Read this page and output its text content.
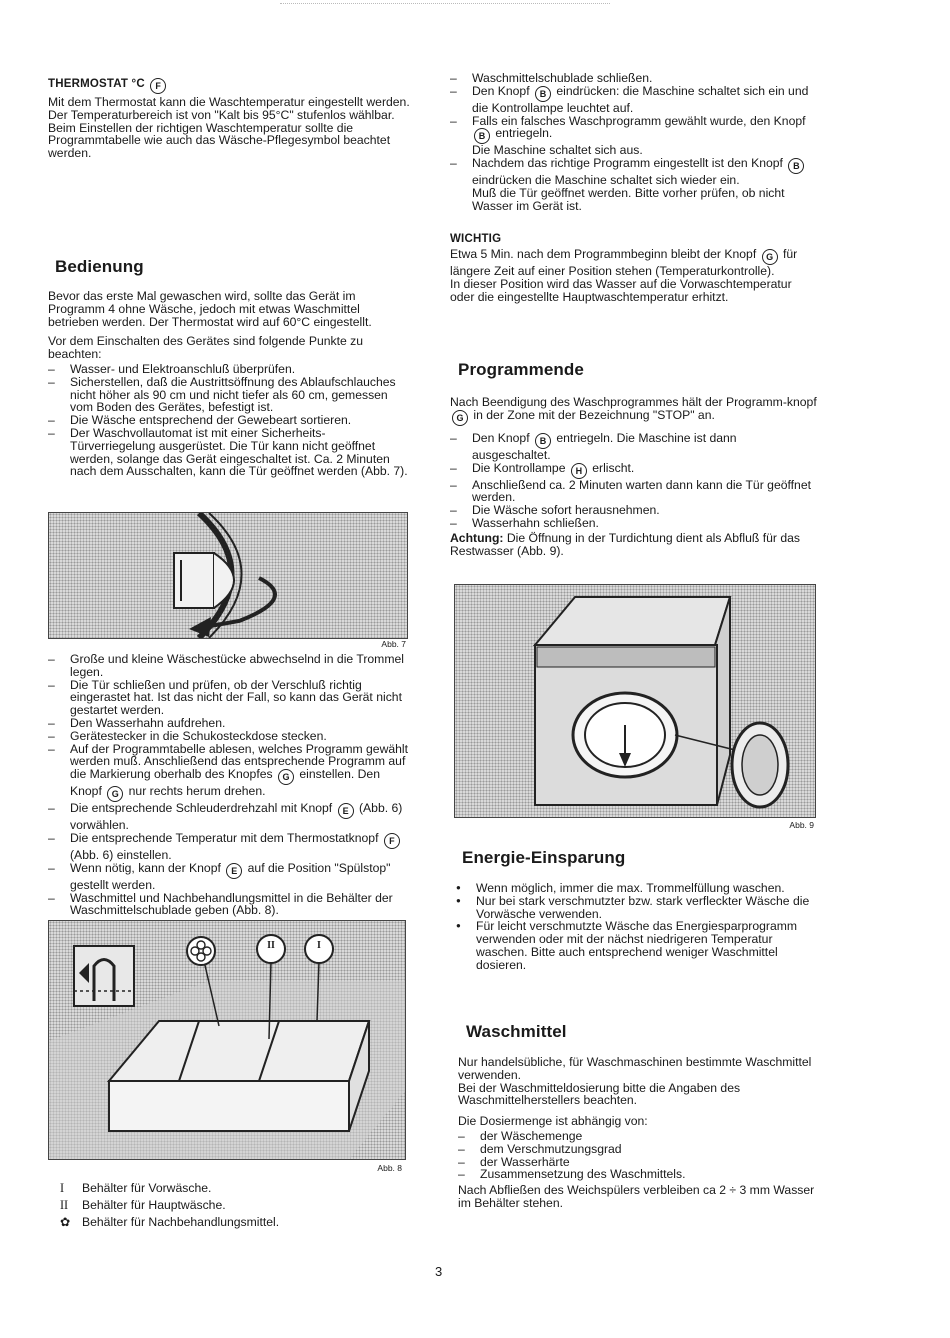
THERMOSTAT °C F

Mit dem Thermostat kann die Waschtemperatur eingestellt werden. Der Temperaturbereich ist von "Kalt bis 95°C" stufenlos wählbar.

Beim Einstellen der richtigen Waschtemperatur sollte die Programmtabelle wie auch das Wäsche-Pflegesymbol beachtet werden.

Bedienung

Bevor das erste Mal gewaschen wird, sollte das Gerät im Programm 4 ohne Wäsche, jedoch mit etwas Waschmittel betrieben werden. Der Thermostat wird auf 60°C eingestellt.

Vor dem Einschalten des Gerätes sind folgende Punkte zu beachten:

– Wasser- und Elektroanschluß überprüfen.
– Sicherstellen, daß die Austrittsöffnung des Ablaufschlauches nicht höher als 90 cm und nicht tiefer als 60 cm, gemessen vom Boden des Gerätes, befestigt ist.
– Die Wäsche entsprechend der Gewebeart sortieren.
– Der Waschvollautomat ist mit einer Sicherheits-Türverriegelung ausgerüstet. Die Tür kann nicht geöffnet werden, solange das Gerät eingeschaltet ist. Ca. 2 Minuten nach dem Ausschalten, kann die Tür geöffnet werden (Abb. 7).
Abb. 7
– Große und kleine Wäschestücke abwechselnd in die Trommel legen.
– Die Tür schließen und prüfen, ob der Verschluß richtig eingerastet hat. Ist das nicht der Fall, so kann das Gerät nicht gestartet werden.
– Den Wasserhahn aufdrehen.
– Gerätestecker in die Schukosteckdose stecken.
– Auf der Programmtabelle ablesen, welches Programm gewählt werden muß. Anschließend das entsprechende Programm auf die Markierung oberhalb des Knopfes G einstellen. Den Knopf G nur rechts herum drehen.
– Die entsprechende Schleuderdrehzahl mit Knopf E (Abb. 6) vorwählen.
– Die entsprechende Temperatur mit dem Thermostatknopf F (Abb. 6) einstellen.
– Wenn nötig, kann der Knopf E auf die Position "Spülstop" gestellt werden.
– Waschmittel und Nachbehandlungsmittel in die Behälter der Waschmittelschublade geben (Abb. 8).
II	I
Abb. 8
I	Behälter für Vorwäsche.
II	Behälter für Hauptwäsche.
✿ Behälter für Nachbehandlungsmittel.
– Waschmittelschublade schließen.
– Den Knopf B eindrücken: die Maschine schaltet sich ein und die Kontrollampe leuchtet auf.
– Falls ein falsches Waschprogramm gewählt wurde, den Knopf B entriegeln.
Die Maschine schaltet sich aus.
– Nachdem das richtige Programm eingestellt ist den Knopf B eindrücken die Maschine schaltet sich wieder ein.
Muß die Tür geöffnet werden. Bitte vorher prüfen, ob nicht Wasser im Gerät ist.
WICHTIG

Etwa 5 Min. nach dem Programmbeginn bleibt der Knopf G für längere Zeit auf einer Position stehen (Temperaturkontrolle).

In dieser Position wird das Wasser auf die Vorwaschtemperatur oder die eingestellte Hauptwaschtemperatur erhitzt.

Programmende

Nach Beendigung des Waschprogrammes hält der Programm-knopf G in der Zone mit der Bezeichnung "STOP" an.

– Den Knopf B entriegeln. Die Maschine ist dann ausgeschaltet.
– Die Kontrollampe H erlischt.
– Anschließend ca. 2 Minuten warten dann kann die Tür geöffnet werden.
– Die Wäsche sofort herausnehmen.
– Wasserhahn schließen.

Achtung: Die Öffnung in der Turdichtung dient als Abfluß für das Restwasser (Abb. 9).

Abb. 9
Energie-Einsparung
● Wenn möglich, immer die max. Trommelfüllung waschen.
● Nur bei stark verschmutzter bzw. stark verfleckter Wäsche die Vorwäsche verwenden.
● Für leicht verschmutzte Wäsche das Energiesparprogramm verwenden oder mit der nächst niedrigeren Temperatur waschen. Bitte auch entsprechend weniger Waschmittel dosieren.
Waschmittel

Nur handelsübliche, für Waschmaschinen bestimmte Waschmittel verwenden.

Bei der Waschmitteldosierung bitte die Angaben des Waschmittelherstellers beachten.

Die Dosiermenge ist abhängig von:

– der Wäschemenge
– dem Verschmutzungsgrad
– der Wasserhärte
– Zusammensetzung des Waschmittels.

Nach Abfließen des Weichspülers verbleiben ca 2 ÷ 3 mm Wasser im Behälter stehen.

3
